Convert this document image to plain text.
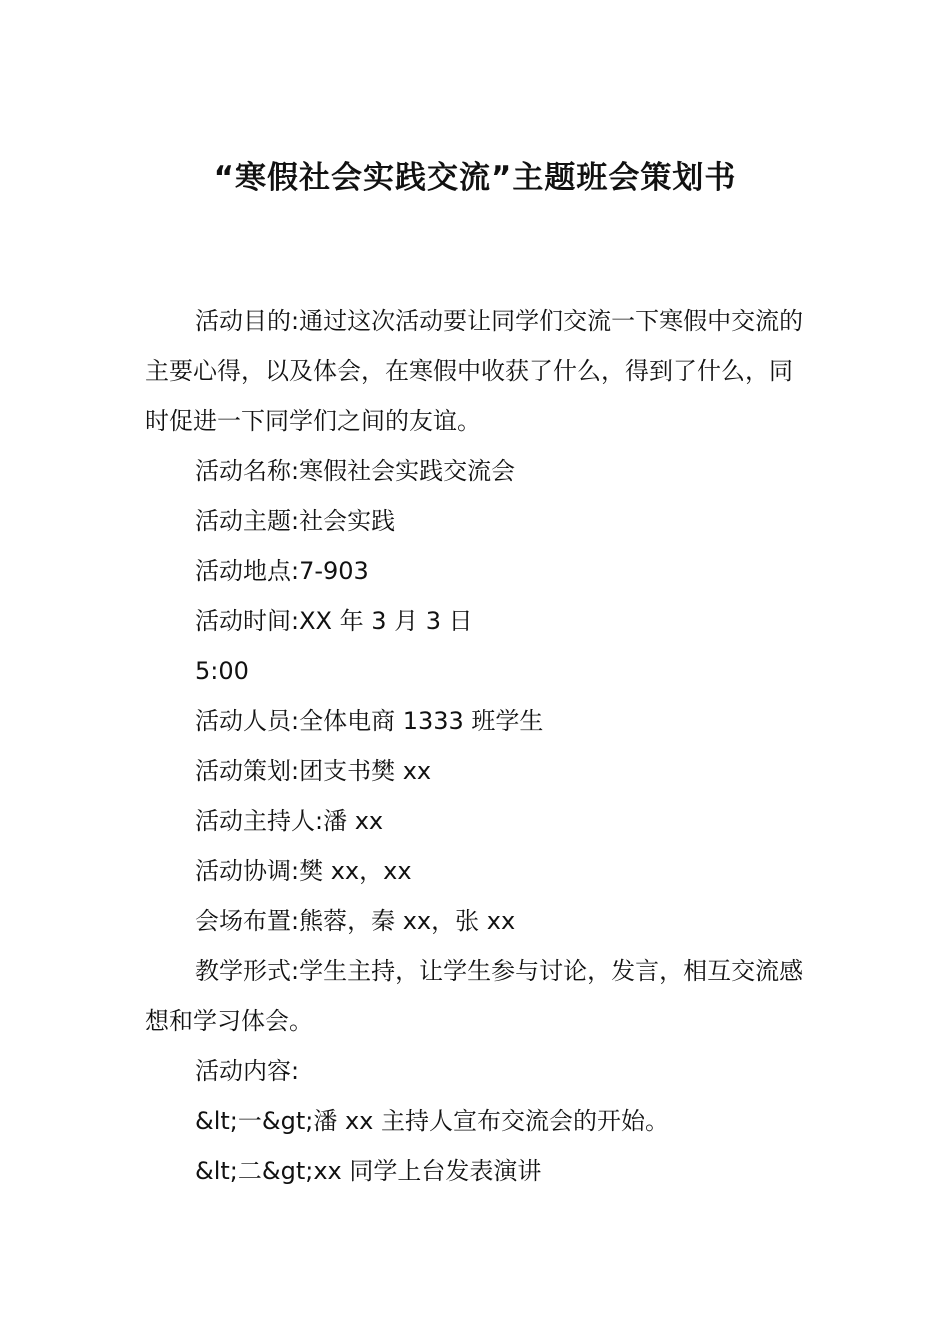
“寒假社会实践交流”主题班会策划书

活动目的:通过这次活动要让同学们交流一下寒假中交流的主要心得，以及体会，在寒假中收获了什么，得到了什么，同时促进一下同学们之间的友谊。

活动名称:寒假社会实践交流会

活动主题:社会实践

活动地点:7-903

活动时间:XX 年 3 月 3 日

5:00

活动人员:全体电商 1333 班学生

活动策划:团支书樊 xx

活动主持人:潘 xx

活动协调:樊 xx，xx

会场布置:熊蓉，秦 xx，张 xx

教学形式:学生主持，让学生参与讨论，发言，相互交流感想和学习体会。

活动内容:

&lt;一&gt;潘 xx 主持人宣布交流会的开始。

&lt;二&gt;xx 同学上台发表演讲
